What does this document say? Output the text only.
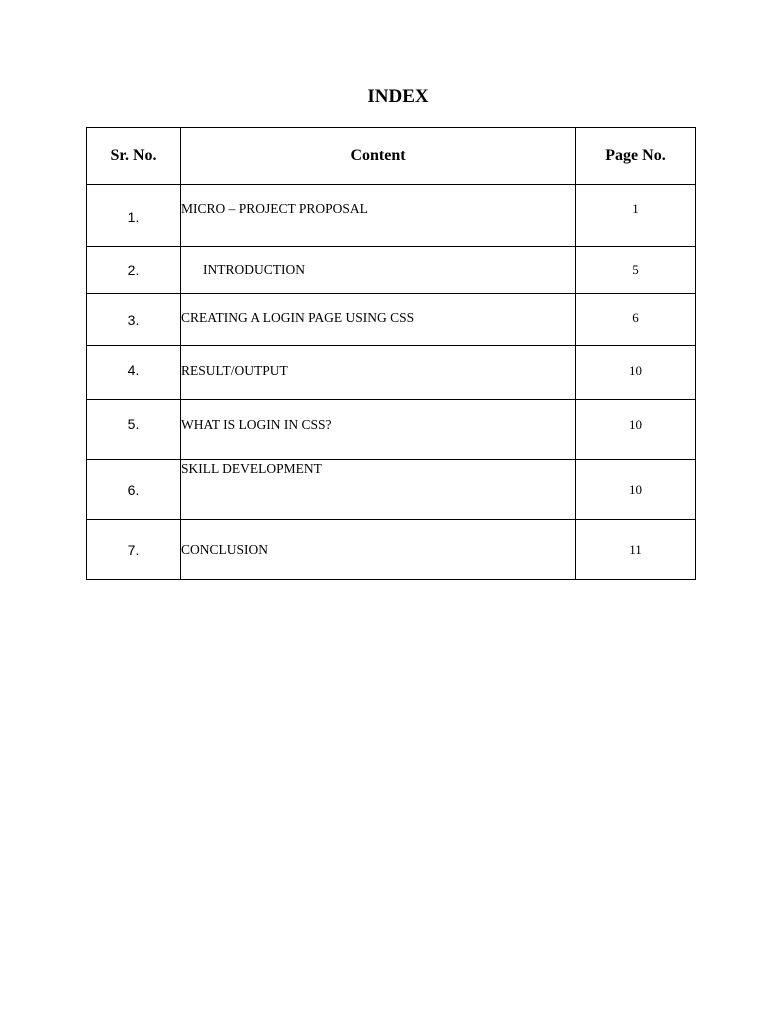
INDEX
Sr. No.	Content	Page No.
1.	MICRO – PROJECT PROPOSAL	1
2.	INTRODUCTION	5
3.	CREATING A LOGIN PAGE USING CSS	6
4.	RESULT/OUTPUT	10
5.	WHAT IS LOGIN IN CSS?	10
6.	SKILL DEVELOPMENT	10
7.	CONCLUSION	11
